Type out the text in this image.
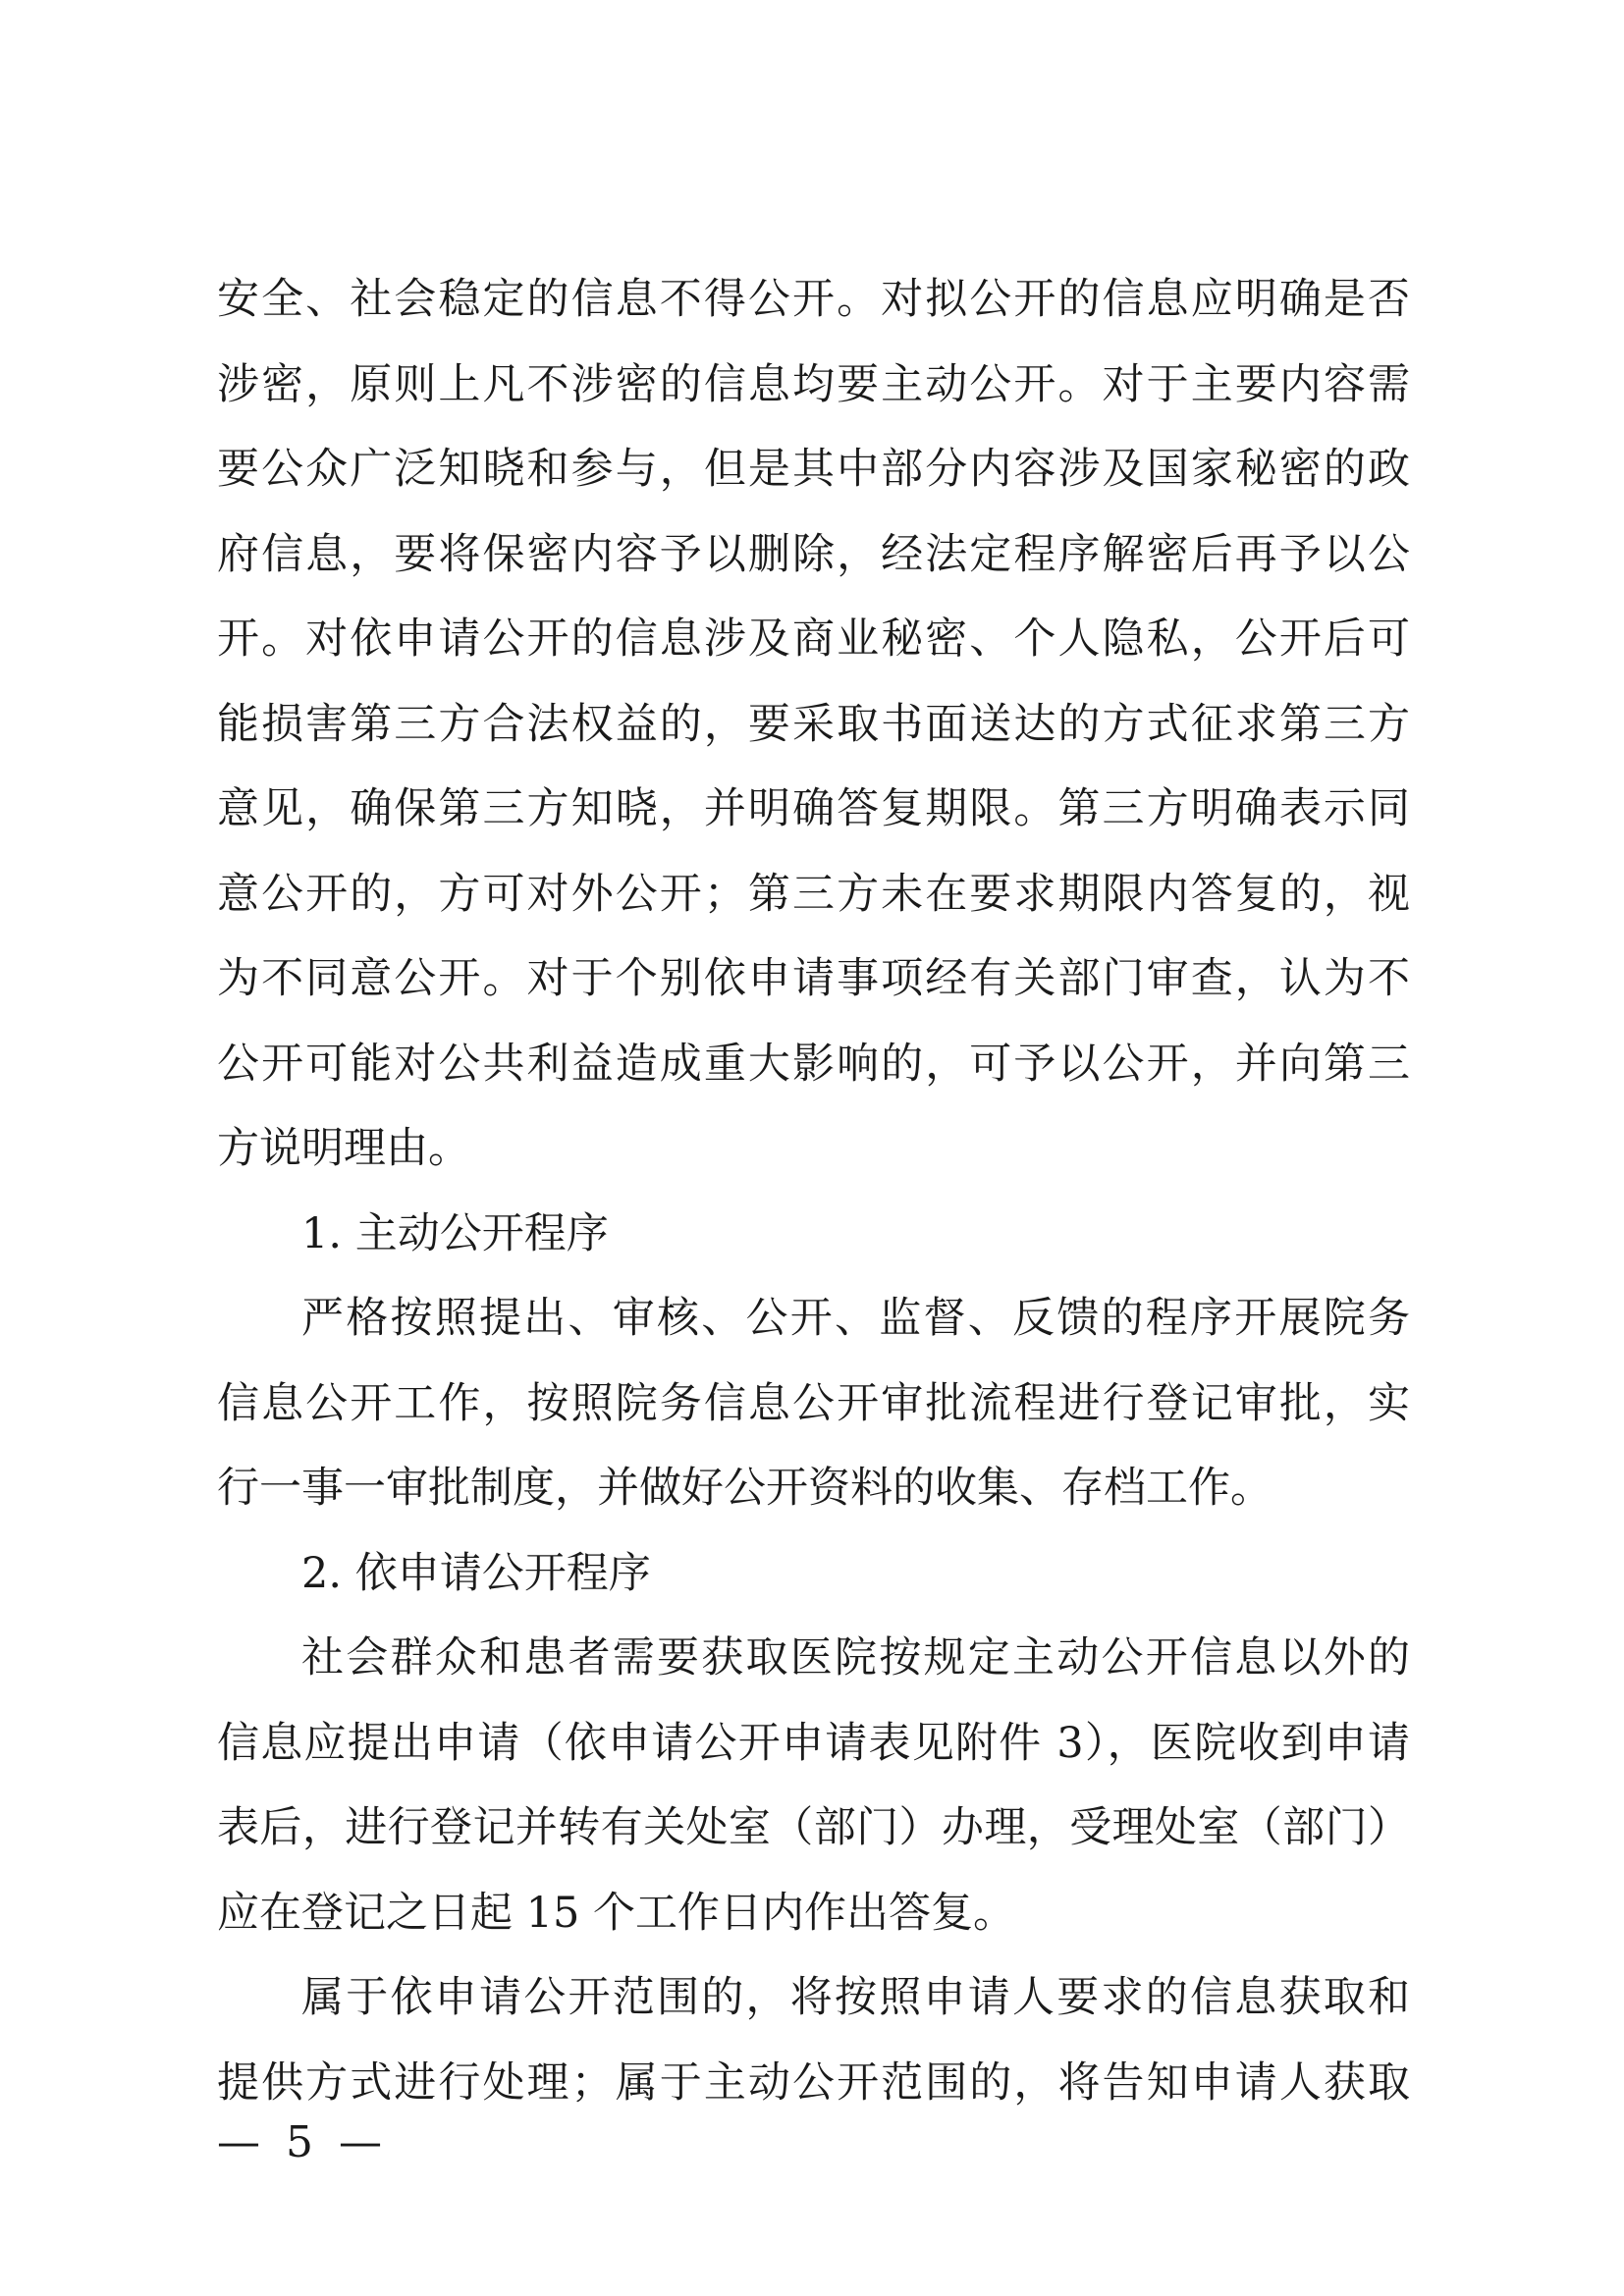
安全、社会稳定的信息不得公开。对拟公开的信息应明确是否
涉密，原则上凡不涉密的信息均要主动公开。对于主要内容需
要公众广泛知晓和参与，但是其中部分内容涉及国家秘密的政
府信息，要将保密内容予以删除，经法定程序解密后再予以公
开。对依申请公开的信息涉及商业秘密、个人隐私，公开后可
能损害第三方合法权益的，要采取书面送达的方式征求第三方
意见，确保第三方知晓，并明确答复期限。第三方明确表示同
意公开的，方可对外公开；第三方未在要求期限内答复的，视
为不同意公开。对于个别依申请事项经有关部门审查，认为不
公开可能对公共利益造成重大影响的，可予以公开，并向第三
方说明理由。
1. 主动公开程序
严格按照提出、审核、公开、监督、反馈的程序开展院务
信息公开工作，按照院务信息公开审批流程进行登记审批，实
行一事一审批制度，并做好公开资料的收集、存档工作。
2. 依申请公开程序
社会群众和患者需要获取医院按规定主动公开信息以外的
信息应提出申请（依申请公开申请表见附件 3），医院收到申请
表后，进行登记并转有关处室（部门）办理，受理处室（部门）
应在登记之日起 15 个工作日内作出答复。
属于依申请公开范围的，将按照申请人要求的信息获取和
— 5 —
提供方式进行处理；属于主动公开范围的，将告知申请人获取
